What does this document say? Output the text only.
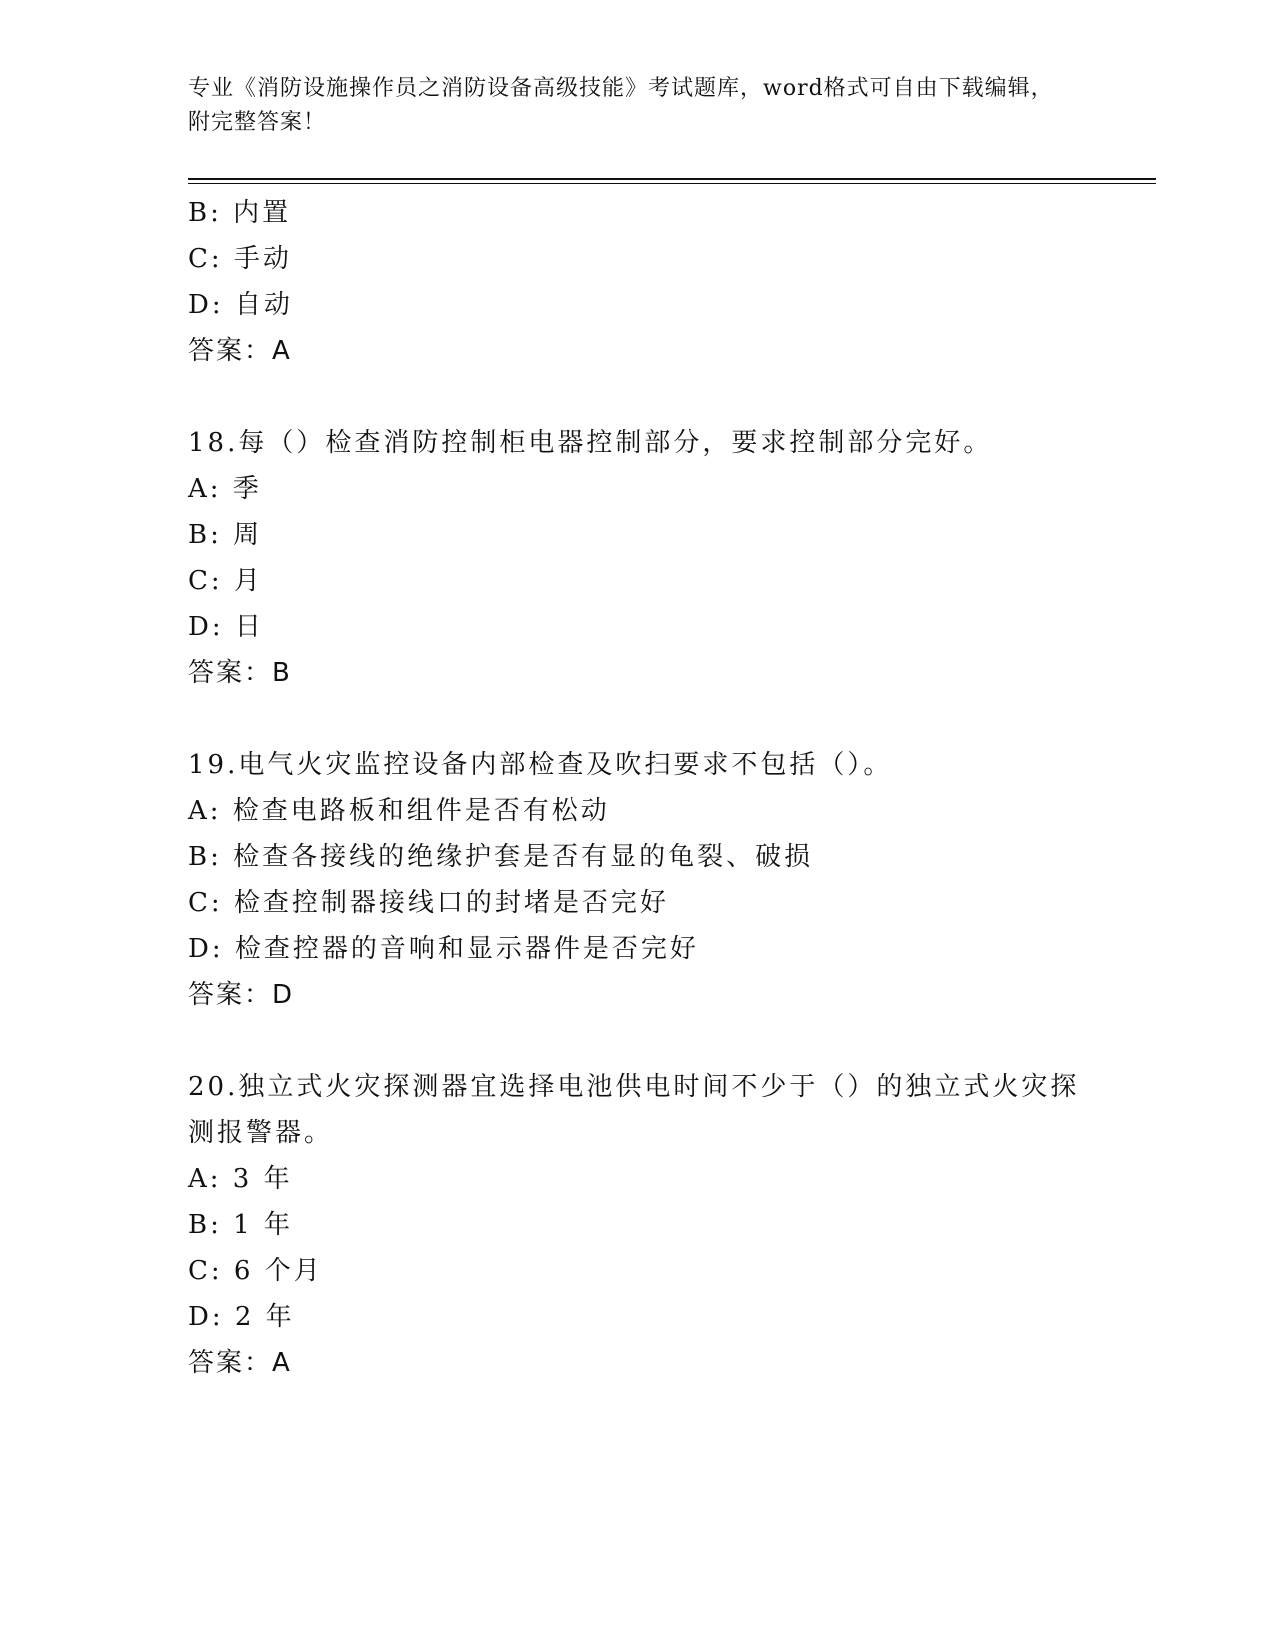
专业《消防设施操作员之消防设备高级技能》考试题库，word格式可自由下载编辑，附完整答案！
B: 内置
C: 手动
D: 自动
答案：A
18.每（）检查消防控制柜电器控制部分，要求控制部分完好。
A: 季
B: 周
C: 月
D: 日
答案：B
19.电气火灾监控设备内部检查及吹扫要求不包括（）。
A: 检查电路板和组件是否有松动
B: 检查各接线的绝缘护套是否有显的龟裂、破损
C: 检查控制器接线口的封堵是否完好
D: 检查控器的音响和显示器件是否完好
答案：D
20.独立式火灾探测器宜选择电池供电时间不少于（）的独立式火灾探测报警器。
A: 3 年
B: 1 年
C: 6 个月
D: 2 年
答案：A
